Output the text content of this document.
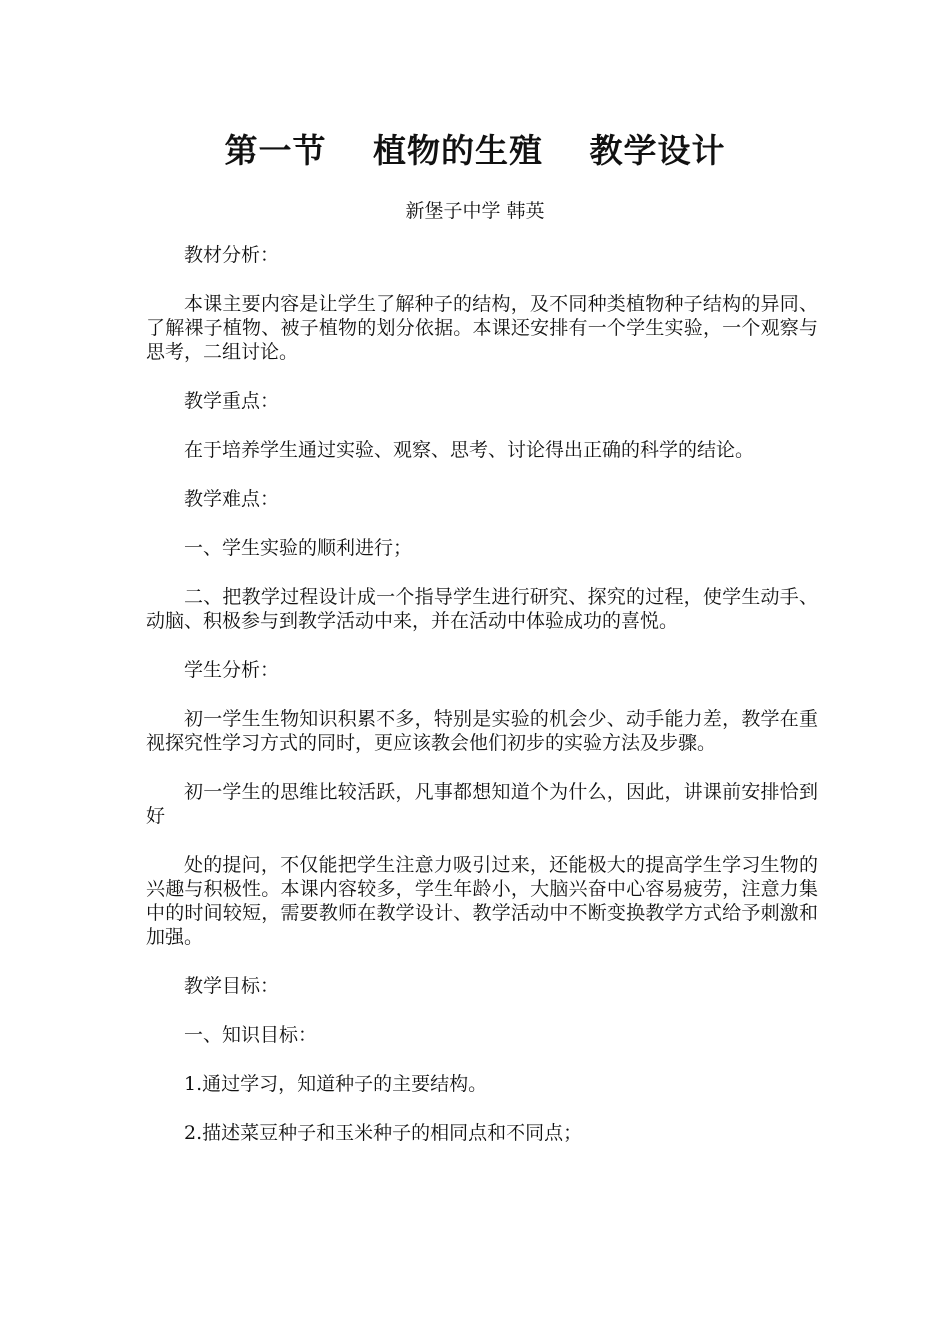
第一节　 植物的生殖　 教学设计
新堡子中学 韩英

教材分析：

本课主要内容是让学生了解种子的结构，及不同种类植物种子结构的异同、了解裸子植物、被子植物的划分依据。本课还安排有一个学生实验，一个观察与思考，二组讨论。

教学重点：

在于培养学生通过实验、观察、思考、讨论得出正确的科学的结论。

教学难点：

一、学生实验的顺利进行；

二、把教学过程设计成一个指导学生进行研究、探究的过程，使学生动手、动脑、积极参与到教学活动中来，并在活动中体验成功的喜悦。

学生分析：

初一学生生物知识积累不多，特别是实验的机会少、动手能力差，教学在重视探究性学习方式的同时，更应该教会他们初步的实验方法及步骤。

初一学生的思维比较活跃，凡事都想知道个为什么，因此，讲课前安排恰到好

处的提问，不仅能把学生注意力吸引过来，还能极大的提高学生学习生物的兴趣与积极性。本课内容较多，学生年龄小，大脑兴奋中心容易疲劳，注意力集中的时间较短，需要教师在教学设计、教学活动中不断变换教学方式给予刺激和加强。

教学目标：

一、知识目标：

1.通过学习，知道种子的主要结构。

2.描述菜豆种子和玉米种子的相同点和不同点；
